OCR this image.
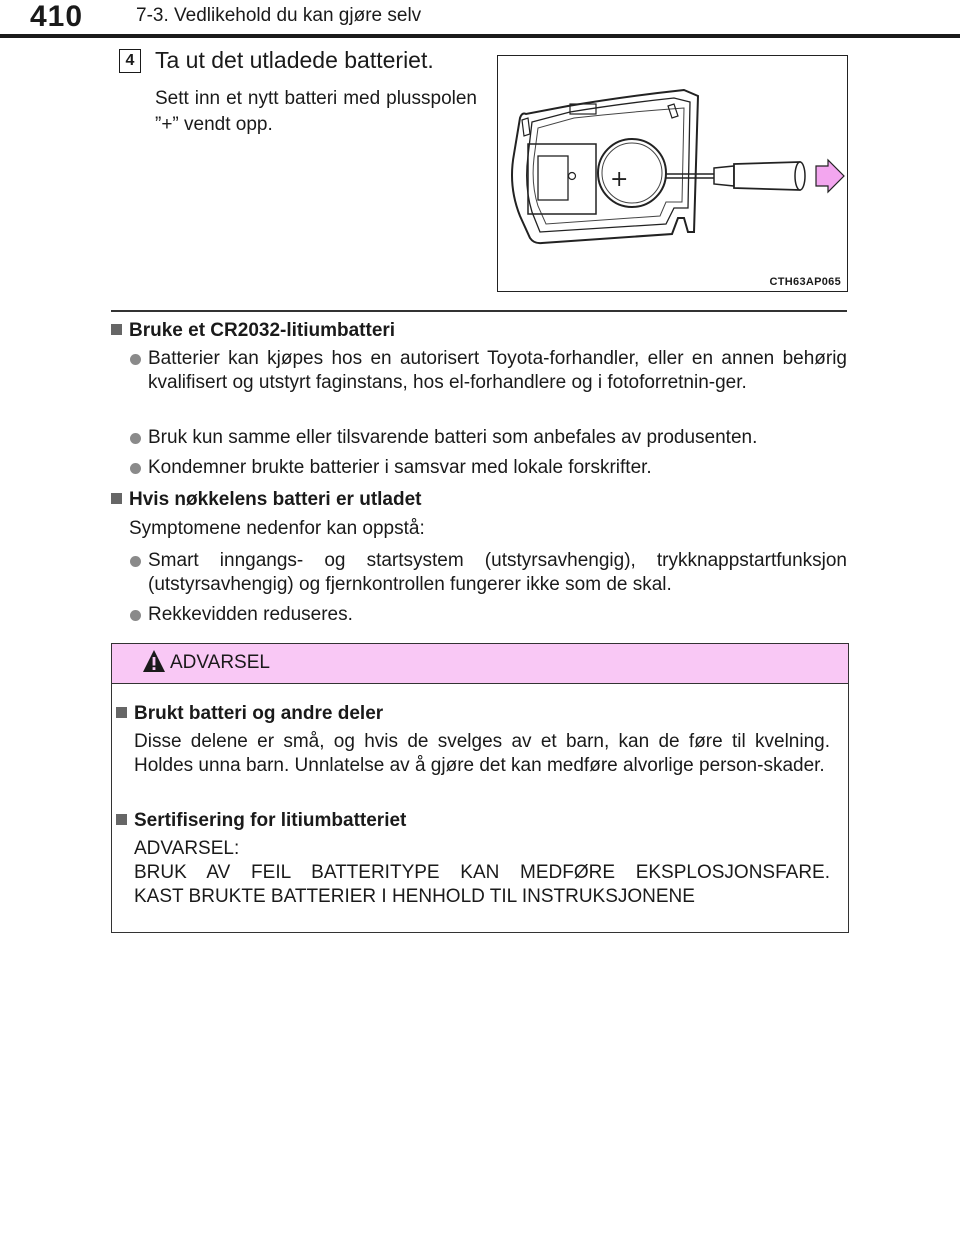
410	7-3. Vedlikehold du kan gjøre selv
4 Ta ut det utladede batteriet.
Sett inn et nytt batteri med plusspolen ”+” vendt opp.
+
CTH63AP065
Bruke et CR2032-litiumbatteri
Batterier kan kjøpes hos en autorisert Toyota-forhandler, eller en annen behørig kvalifisert og utstyrt faginstans, hos el-forhandlere og i fotoforretnin-ger.
Bruk kun samme eller tilsvarende batteri som anbefales av produsenten.
Kondemner brukte batterier i samsvar med lokale forskrifter.
Hvis nøkkelens batteri er utladet
Symptomene nedenfor kan oppstå:
Smart inngangs- og startsystem (utstyrsavhengig), trykknappstartfunksjon (utstyrsavhengig) og fjernkontrollen fungerer ikke som de skal.
Rekkevidden reduseres.
ADVARSEL
Brukt batteri og andre deler
Disse delene er små, og hvis de svelges av et barn, kan de føre til kvelning. Holdes unna barn. Unnlatelse av å gjøre det kan medføre alvorlige person-skader.
Sertifisering for litiumbatteriet
ADVARSEL:
BRUK AV FEIL BATTERITYPE KAN MEDFØRE EKSPLOSJONSFARE.
KAST BRUKTE BATTERIER I HENHOLD TIL INSTRUKSJONENE
